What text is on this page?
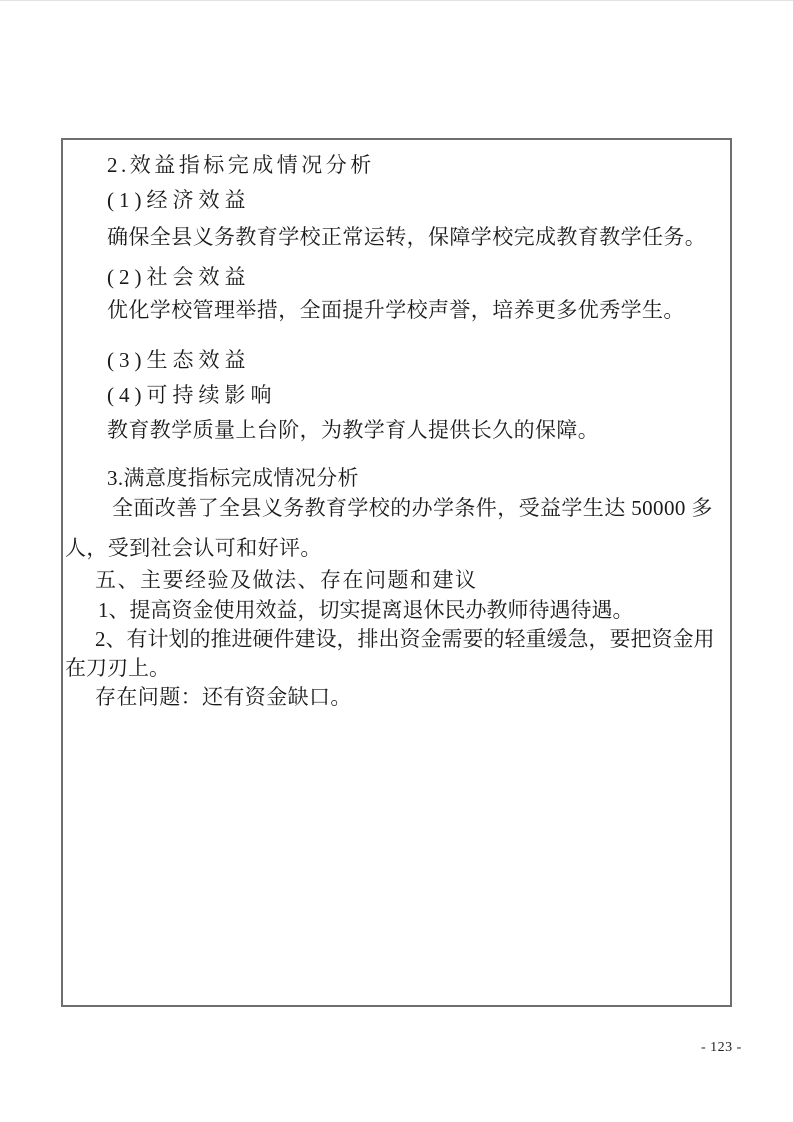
2.效益指标完成情况分析
(1)经济效益
确保全县义务教育学校正常运转，保障学校完成教育教学任务。
(2)社会效益
优化学校管理举措，全面提升学校声誉，培养更多优秀学生。
(3)生态效益
(4)可持续影响
教育教学质量上台阶，为教学育人提供长久的保障。
3.满意度指标完成情况分析
全面改善了全县义务教育学校的办学条件，受益学生达 50000 多
人，受到社会认可和好评。
五、主要经验及做法、存在问题和建议
1、提高资金使用效益，切实提离退休民办教师待遇待遇。
2、有计划的推进硬件建设，排出资金需要的轻重缓急，要把资金用
在刀刃上。
存在问题：还有资金缺口。
- 123 -
